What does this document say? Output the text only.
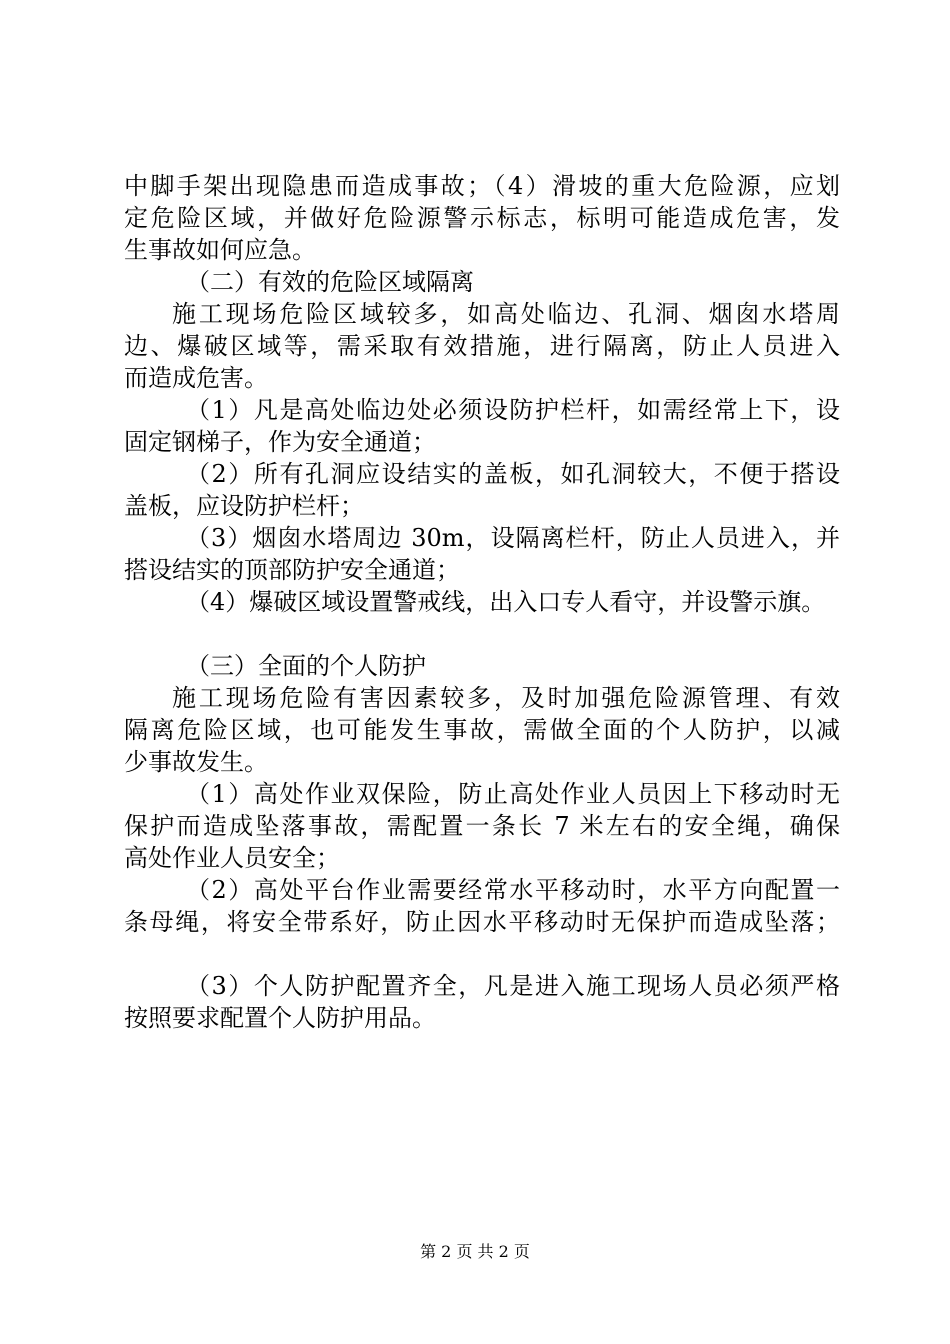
中脚手架出现隐患而造成事故；（4）滑坡的重大危险源，应划
定危险区域，并做好危险源警示标志，标明可能造成危害，发
生事故如何应急。
（二）有效的危险区域隔离
施工现场危险区域较多，如高处临边、孔洞、烟囱水塔周
边、爆破区域等，需采取有效措施，进行隔离，防止人员进入
而造成危害。
（1）凡是高处临边处必须设防护栏杆，如需经常上下，设
固定钢梯子，作为安全通道；
（2）所有孔洞应设结实的盖板，如孔洞较大，不便于搭设
盖板，应设防护栏杆；
（3）烟囱水塔周边 30m，设隔离栏杆，防止人员进入，并
搭设结实的顶部防护安全通道；
（4）爆破区域设置警戒线，出入口专人看守，并设警示旗。
（三）全面的个人防护
施工现场危险有害因素较多，及时加强危险源管理、有效
隔离危险区域，也可能发生事故，需做全面的个人防护，以减
少事故发生。
（1）高处作业双保险，防止高处作业人员因上下移动时无
保护而造成坠落事故，需配置一条长 7 米左右的安全绳，确保
高处作业人员安全；
（2）高处平台作业需要经常水平移动时，水平方向配置一
条母绳，将安全带系好，防止因水平移动时无保护而造成坠落；
（3）个人防护配置齐全，凡是进入施工现场人员必须严格
按照要求配置个人防护用品。
第 2 页 共 2 页
